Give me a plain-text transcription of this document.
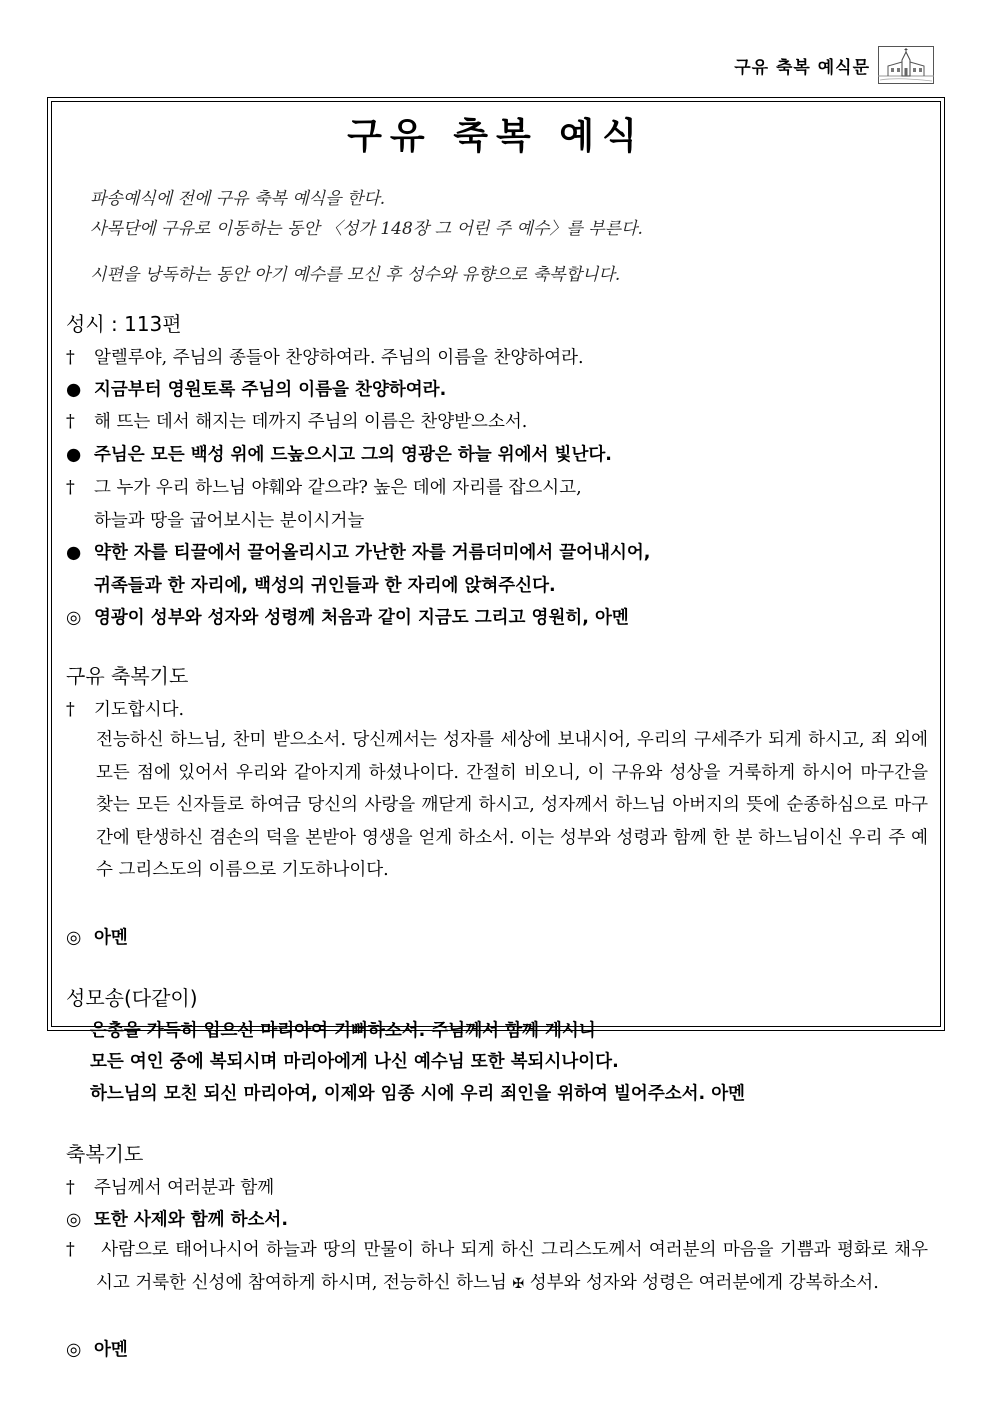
구유 축복 예식문
구유 축복 예식
파송예식에 전에 구유 축복 예식을 한다.
사목단에 구유로 이동하는 동안 〈성가 148장 그 어린 주 예수〉를 부른다.
시편을 낭독하는 동안 아기 예수를 모신 후 성수와 유향으로 축복합니다.
성시 : 113편
† 알렐루야, 주님의 종들아 찬양하여라. 주님의 이름을 찬양하여라.
● 지금부터 영원토록 주님의 이름을 찬양하여라.
† 해 뜨는 데서 해지는 데까지 주님의 이름은 찬양받으소서.
● 주님은 모든 백성 위에 드높으시고 그의 영광은 하늘 위에서 빛난다.
† 그 누가 우리 하느님 야훼와 같으랴? 높은 데에 자리를 잡으시고,
하늘과 땅을 굽어보시는 분이시거늘
● 약한 자를 티끌에서 끌어올리시고 가난한 자를 거름더미에서 끌어내시어,
귀족들과 한 자리에, 백성의 귀인들과 한 자리에 앉혀주신다.
◎ 영광이 성부와 성자와 성령께 처음과 같이 지금도 그리고 영원히, 아멘
구유 축복기도
† 기도합시다.
전능하신 하느님, 찬미 받으소서. 당신께서는 성자를 세상에 보내시어, 우리의 구세주가 되게 하시고, 죄 외에 모든 점에 있어서 우리와 같아지게 하셨나이다. 간절히 비오니, 이 구유와 성상을 거룩하게 하시어 마구간을 찾는 모든 신자들로 하여금 당신의 사랑을 깨닫게 하시고, 성자께서 하느님 아버지의 뜻에 순종하심으로 마구간에 탄생하신 겸손의 덕을 본받아 영생을 얻게 하소서. 이는 성부와 성령과 함께 한 분 하느님이신 우리 주 예수 그리스도의 이름으로 기도하나이다.
◎ 아멘
성모송(다같이)
은총을 가득히 입으신 마리아여 기뻐하소서. 주님께서 함께 계시니
모든 여인 중에 복되시며 마리아에게 나신 예수님 또한 복되시나이다.
하느님의 모친 되신 마리아여, 이제와 임종 시에 우리 죄인을 위하여 빌어주소서. 아멘
축복기도
† 주님께서 여러분과 함께
◎ 또한 사제와 함께 하소서.
† 사람으로 태어나시어 하늘과 땅의 만물이 하나 되게 하신 그리스도께서 여러분의 마음을 기쁨과 평화로 채우시고 거룩한 신성에 참여하게 하시며, 전능하신 하느님 ✠ 성부와 성자와 성령은 여러분에게 강복하소서.
◎ 아멘
